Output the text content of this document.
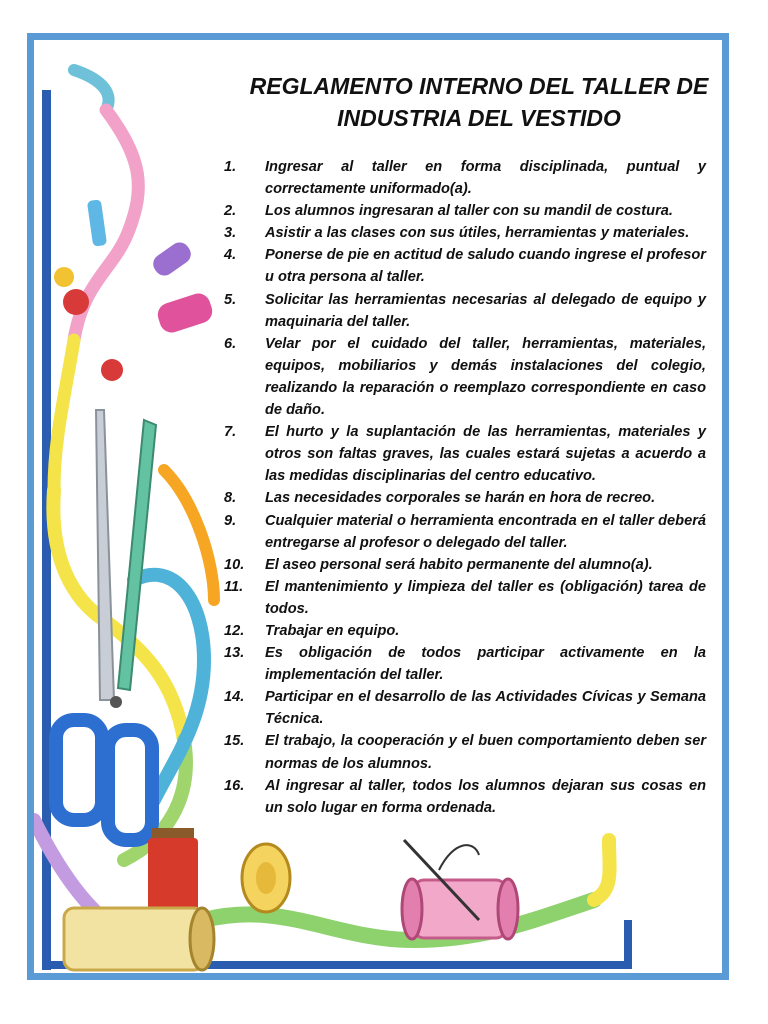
REGLAMENTO INTERNO DEL TALLER DE
INDUSTRIA DEL VESTIDO
1.	Ingresar al taller en forma disciplinada, puntual y correctamente uniformado(a).
2.	Los alumnos ingresaran al taller con su mandil de costura.
3.	Asistir a las clases con sus útiles, herramientas y materiales.
4.	Ponerse de pie en actitud de saludo cuando ingrese el profesor u otra persona al taller.
5.	Solicitar las herramientas necesarias al delegado de equipo y maquinaria del taller.
6.	Velar por el cuidado del taller, herramientas, materiales, equipos, mobiliarios y demás instalaciones del colegio, realizando la reparación o reemplazo correspondiente en caso de daño.
7.	El hurto y la suplantación de las herramientas, materiales y otros son faltas graves, las cuales estará sujetas a acuerdo a las medidas disciplinarias del centro educativo.
8.	Las necesidades corporales se harán en hora de recreo.
9.	Cualquier material o herramienta encontrada en el taller deberá entregarse al profesor o delegado del taller.
10.	El aseo personal será habito permanente del alumno(a).
11.	El mantenimiento y limpieza del taller es (obligación) tarea de todos.
12.	Trabajar en equipo.
13.	Es obligación de todos participar activamente en la implementación del taller.
14.	Participar en el desarrollo de las Actividades Cívicas y Semana Técnica.
15.	El trabajo, la cooperación y el buen comportamiento deben ser normas de los alumnos.
16.	Al ingresar al taller, todos los alumnos dejaran sus cosas en un solo lugar en forma ordenada.
